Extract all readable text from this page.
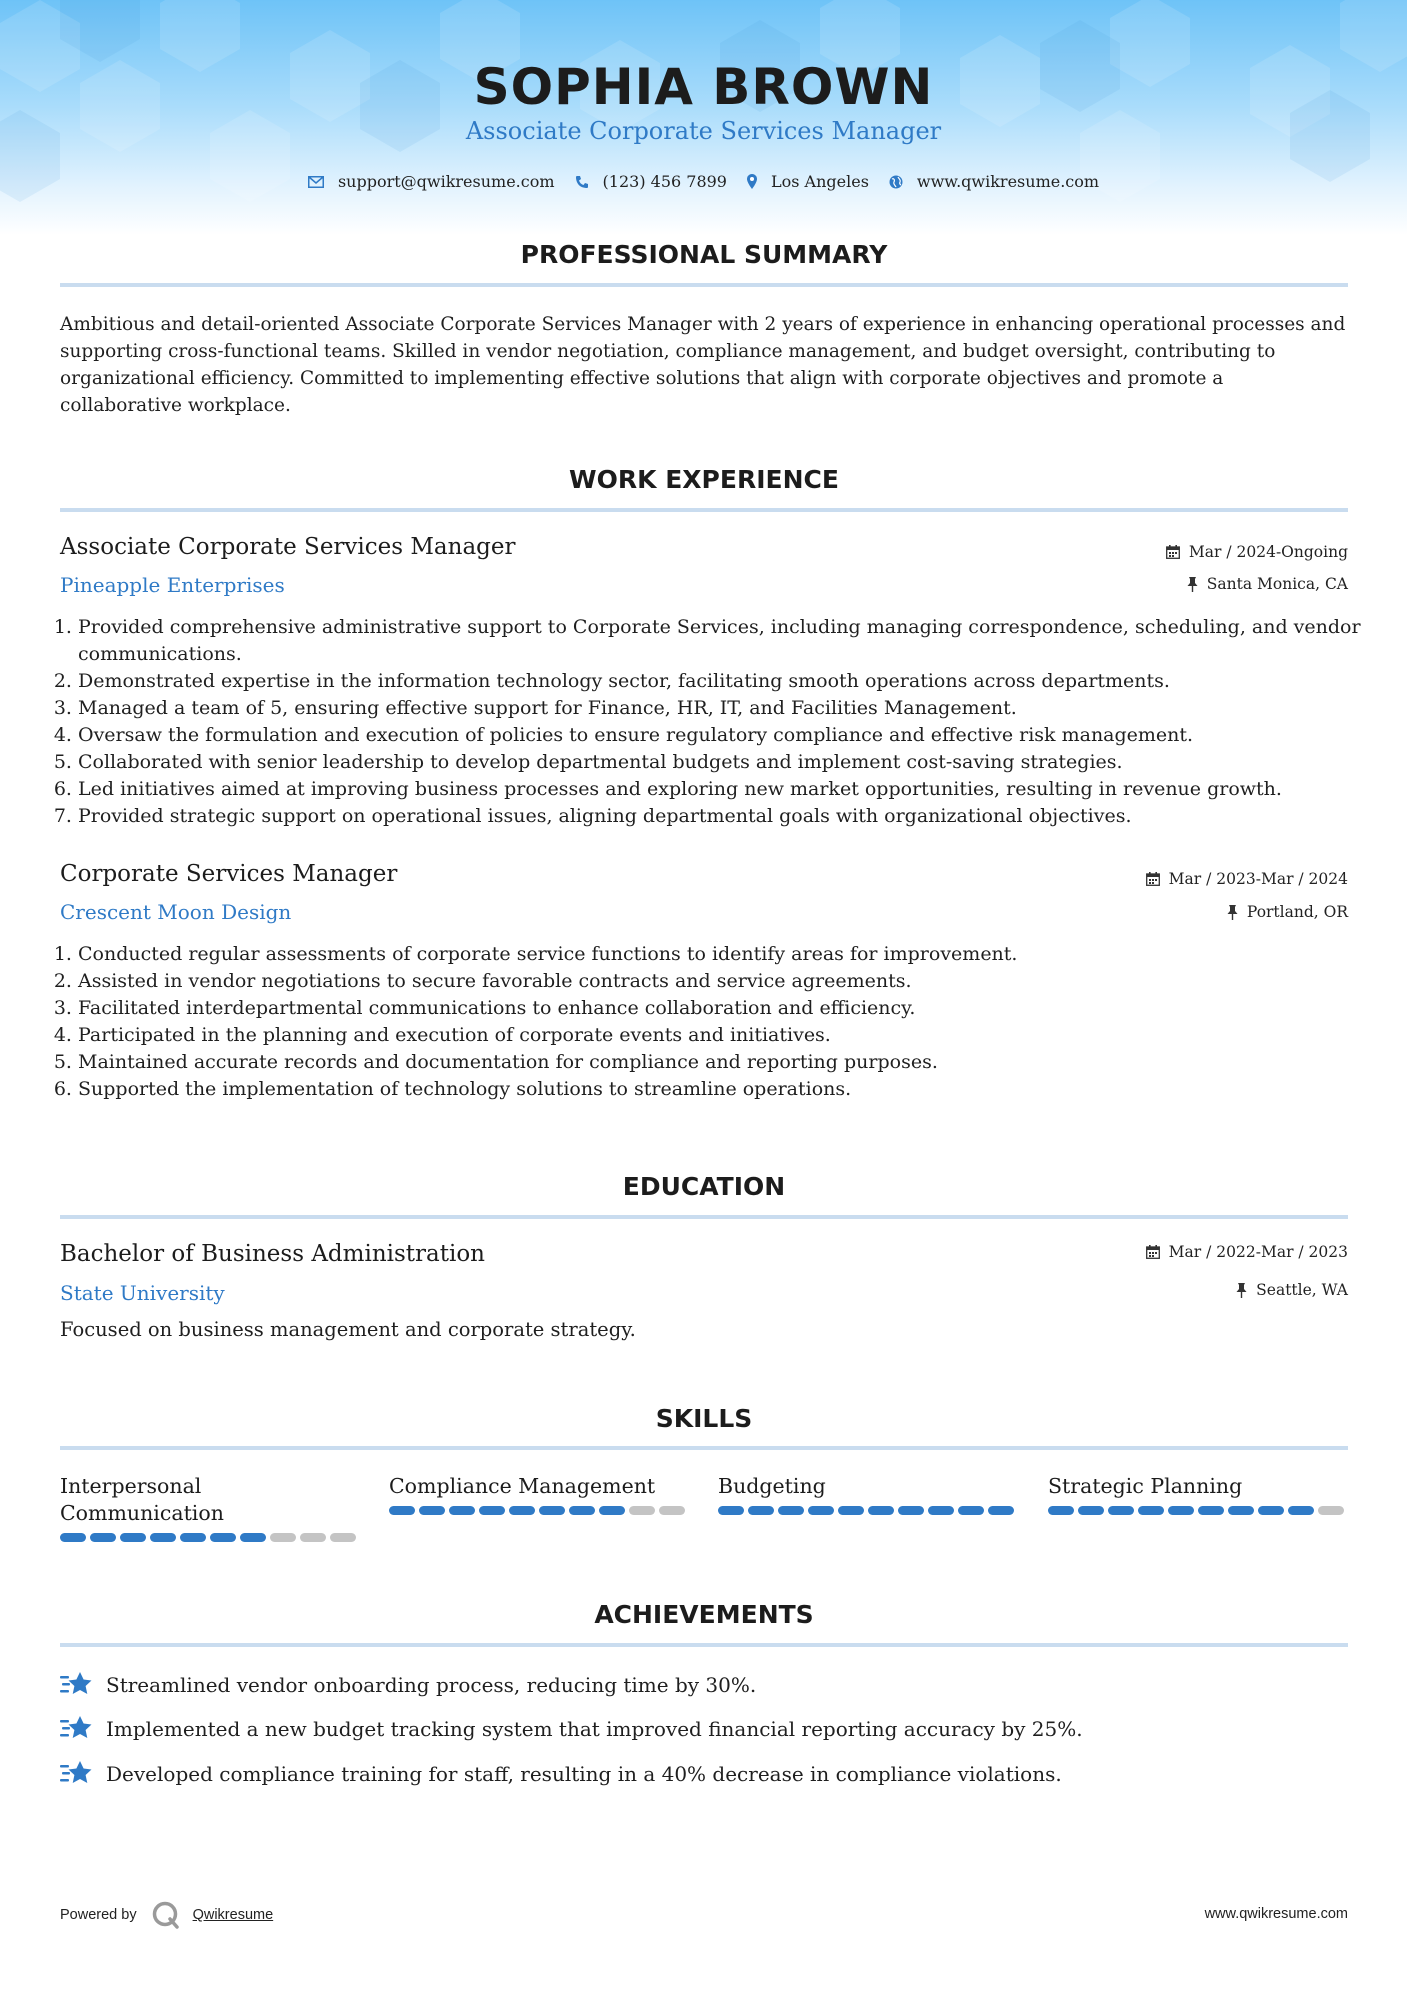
SOPHIA BROWN
Associate Corporate Services Manager
support@qwikresume.com	(123) 456 7899	Los Angeles	www.qwikresume.com
PROFESSIONAL SUMMARY
Ambitious and detail-oriented Associate Corporate Services Manager with 2 years of experience in enhancing operational processes and supporting cross-functional teams. Skilled in vendor negotiation, compliance management, and budget oversight, contributing to organizational efficiency. Committed to implementing effective solutions that align with corporate objectives and promote a collaborative workplace.
WORK EXPERIENCE
Associate Corporate Services Manager
Pineapple Enterprises
Mar / 2024-Ongoing
Santa Monica, CA
1. Provided comprehensive administrative support to Corporate Services, including managing correspondence, scheduling, and vendor communications.
2. Demonstrated expertise in the information technology sector, facilitating smooth operations across departments.
3. Managed a team of 5, ensuring effective support for Finance, HR, IT, and Facilities Management.
4. Oversaw the formulation and execution of policies to ensure regulatory compliance and effective risk management.
5. Collaborated with senior leadership to develop departmental budgets and implement cost-saving strategies.
6. Led initiatives aimed at improving business processes and exploring new market opportunities, resulting in revenue growth.
7. Provided strategic support on operational issues, aligning departmental goals with organizational objectives.
Corporate Services Manager
Crescent Moon Design
Mar / 2023-Mar / 2024
Portland, OR
1. Conducted regular assessments of corporate service functions to identify areas for improvement.
2. Assisted in vendor negotiations to secure favorable contracts and service agreements.
3. Facilitated interdepartmental communications to enhance collaboration and efficiency.
4. Participated in the planning and execution of corporate events and initiatives.
5. Maintained accurate records and documentation for compliance and reporting purposes.
6. Supported the implementation of technology solutions to streamline operations.
EDUCATION
Bachelor of Business Administration
State University
Mar / 2022-Mar / 2023
Seattle, WA
Focused on business management and corporate strategy.
SKILLS
Interpersonal Communication
Compliance Management	Budgeting	Strategic Planning
ACHIEVEMENTS
Streamlined vendor onboarding process, reducing time by 30%.
Implemented a new budget tracking system that improved financial reporting accuracy by 25%.
Developed compliance training for staff, resulting in a 40% decrease in compliance violations.
Powered by	Qwikresume	www.qwikresume.com
